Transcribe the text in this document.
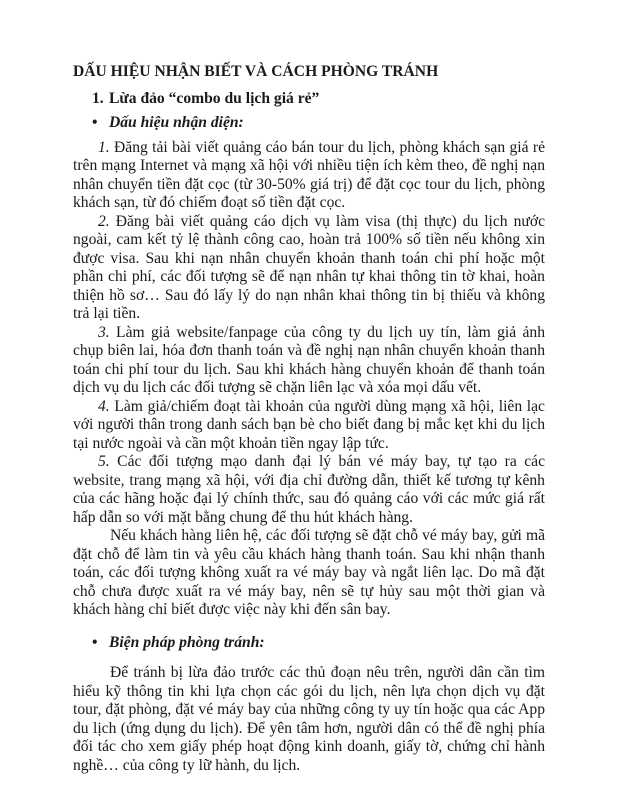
DẤU HIỆU NHẬN BIẾT VÀ CÁCH PHÒNG TRÁNH
1. Lừa đảo “combo du lịch giá rẻ”
• Dấu hiệu nhận diện:
1. Đăng tải bài viết quảng cáo bán tour du lịch, phòng khách sạn giá rẻ trên mạng Internet và mạng xã hội với nhiều tiện ích kèm theo, đề nghị nạn nhân chuyển tiền đặt cọc (từ 30-50% giá trị) để đặt cọc tour du lịch, phòng khách sạn, từ đó chiếm đoạt số tiền đặt cọc.
2. Đăng bài viết quảng cáo dịch vụ làm visa (thị thực) du lịch nước ngoài, cam kết tỷ lệ thành công cao, hoàn trả 100% số tiền nếu không xin được visa. Sau khi nạn nhân chuyển khoản thanh toán chi phí hoặc một phần chi phí, các đối tượng sẽ để nạn nhân tự khai thông tin tờ khai, hoàn thiện hồ sơ… Sau đó lấy lý do nạn nhân khai thông tin bị thiếu và không trả lại tiền.
3. Làm giả website/fanpage của công ty du lịch uy tín, làm giả ảnh chụp biên lai, hóa đơn thanh toán và đề nghị nạn nhân chuyển khoản thanh toán chi phí tour du lịch. Sau khi khách hàng chuyển khoản để thanh toán dịch vụ du lịch các đối tượng sẽ chặn liên lạc và xóa mọi dấu vết.
4. Làm giả/chiếm đoạt tài khoản của người dùng mạng xã hội, liên lạc với người thân trong danh sách bạn bè cho biết đang bị mắc kẹt khi du lịch tại nước ngoài và cần một khoản tiền ngay lập tức.
5. Các đối tượng mạo danh đại lý bán vé máy bay, tự tạo ra các website, trang mạng xã hội, với địa chỉ đường dẫn, thiết kế tương tự kênh của các hãng hoặc đại lý chính thức, sau đó quảng cáo với các mức giá rất hấp dẫn so với mặt bằng chung để thu hút khách hàng.
Nếu khách hàng liên hệ, các đối tượng sẽ đặt chỗ vé máy bay, gửi mã đặt chỗ để làm tin và yêu cầu khách hàng thanh toán. Sau khi nhận thanh toán, các đối tượng không xuất ra vé máy bay và ngắt liên lạc. Do mã đặt chỗ chưa được xuất ra vé máy bay, nên sẽ tự hủy sau một thời gian và khách hàng chỉ biết được việc này khi đến sân bay.
• Biện pháp phòng tránh:
Để tránh bị lừa đảo trước các thủ đoạn nêu trên, người dân cần tìm hiểu kỹ thông tin khi lựa chọn các gói du lịch, nên lựa chọn dịch vụ đặt tour, đặt phòng, đặt vé máy bay của những công ty uy tín hoặc qua các App du lịch (ứng dụng du lịch). Để yên tâm hơn, người dân có thể đề nghị phía đối tác cho xem giấy phép hoạt động kinh doanh, giấy tờ, chứng chỉ hành nghề… của công ty lữ hành, du lịch.
